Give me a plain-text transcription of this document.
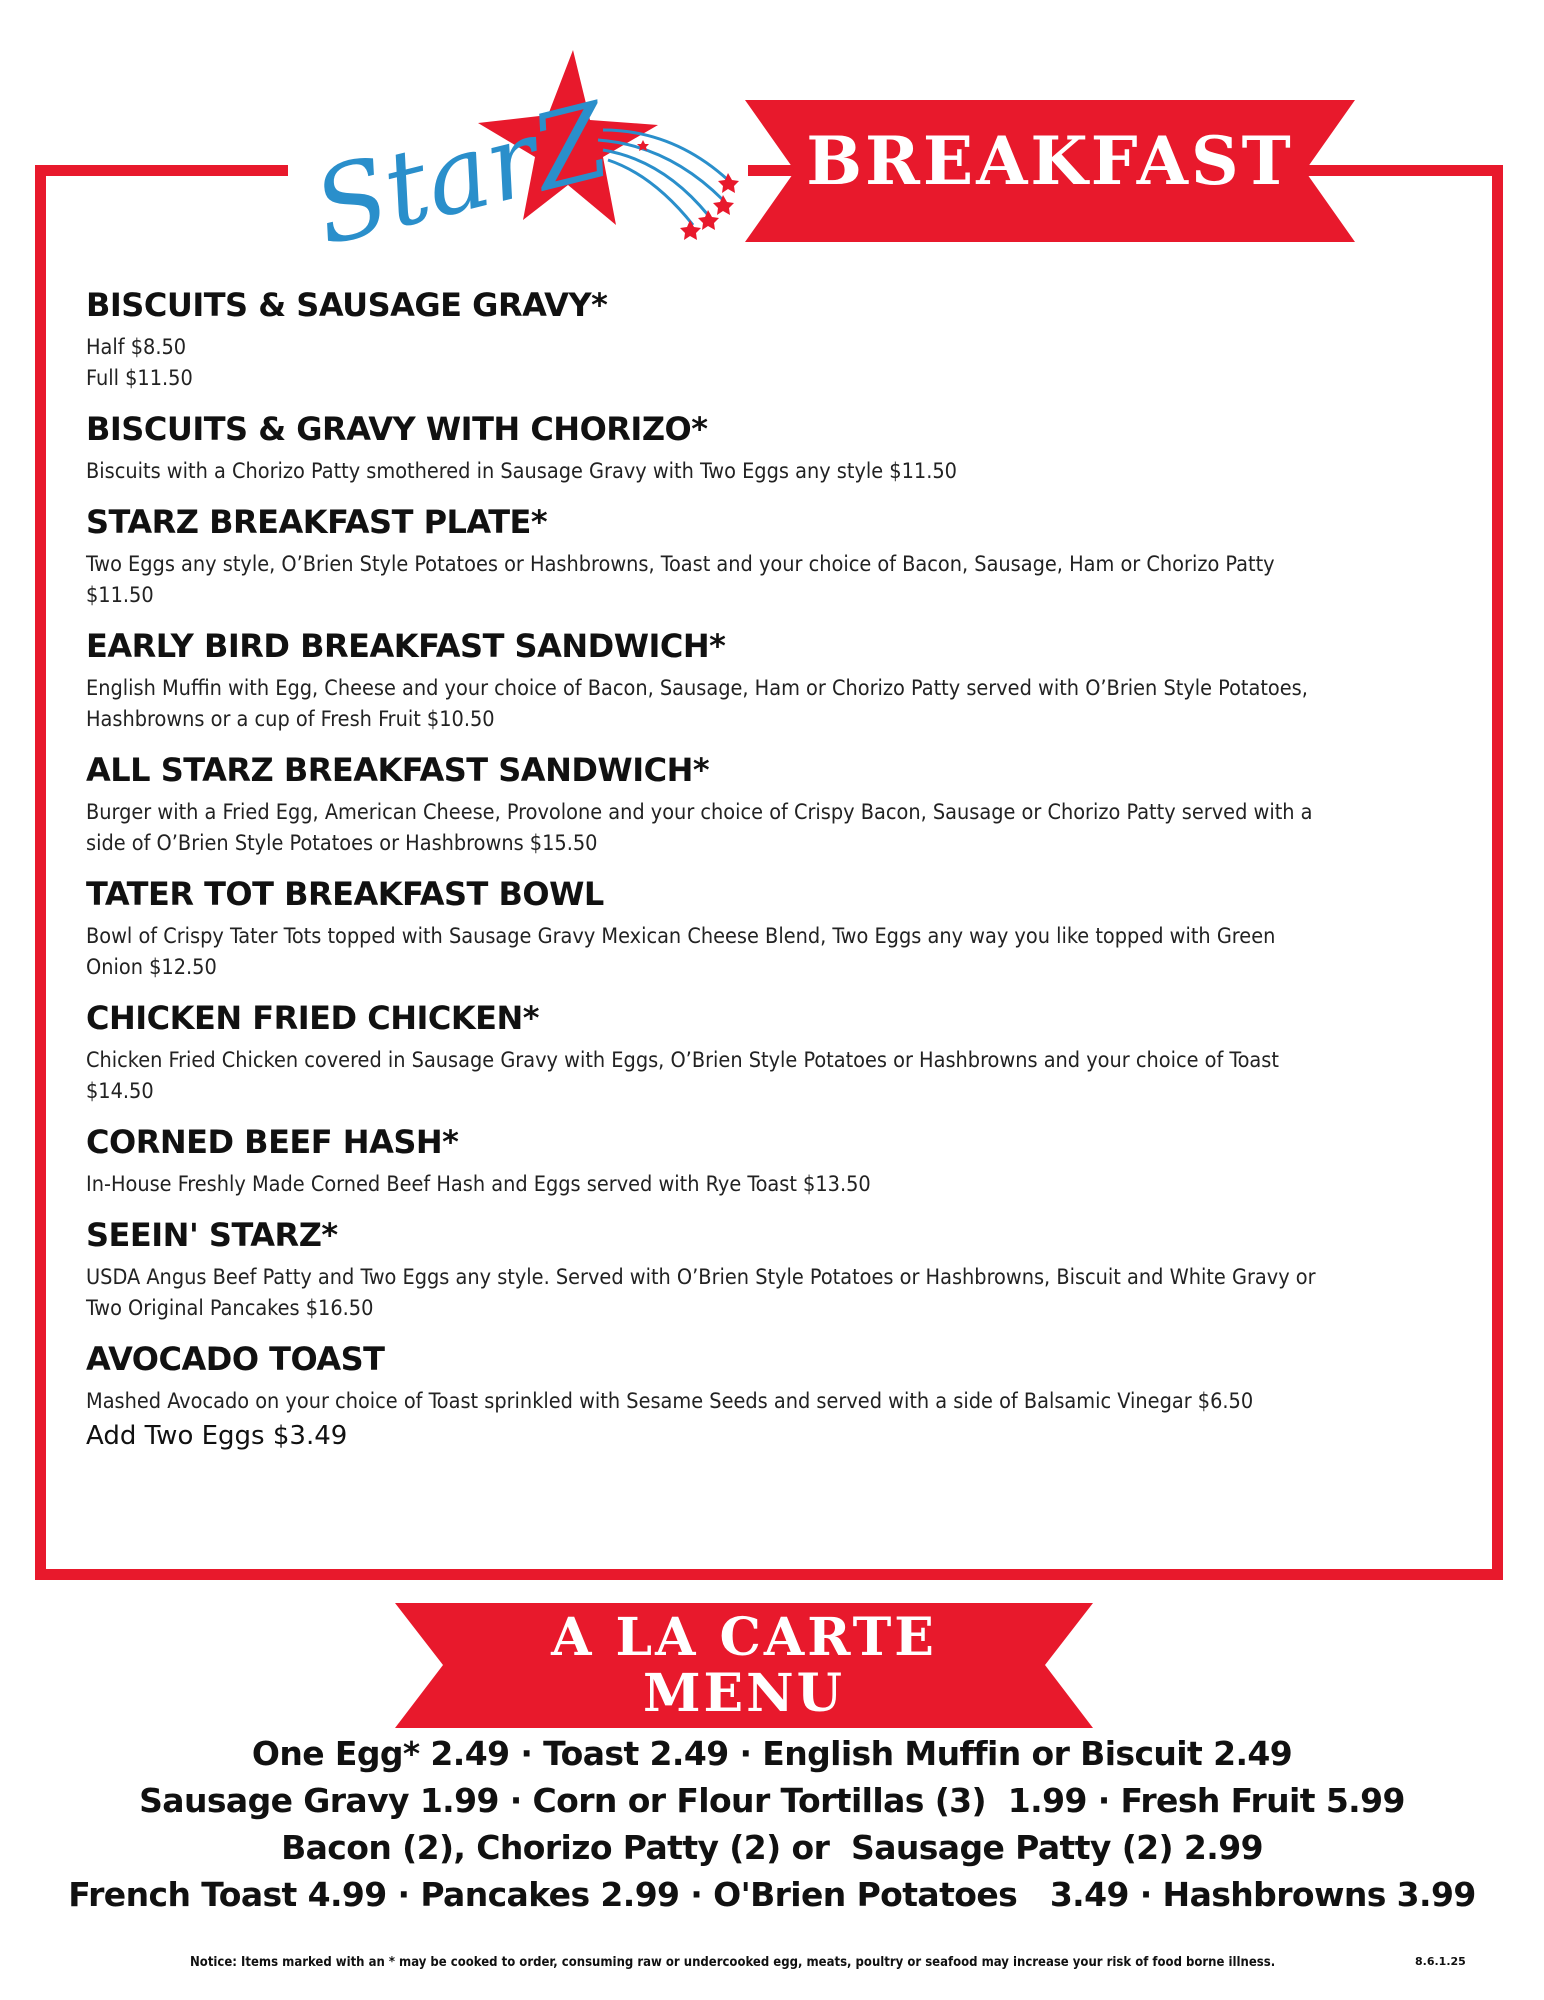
StarZ	BREAKFAST
BISCUITS & SAUSAGE GRAVY*
Half $8.50
Full $11.50
BISCUITS & GRAVY WITH CHORIZO*
Biscuits with a Chorizo Patty smothered in Sausage Gravy with Two Eggs any style $11.50
STARZ BREAKFAST PLATE*
Two Eggs any style, O’Brien Style Potatoes or Hashbrowns, Toast and your choice of Bacon, Sausage, Ham or Chorizo Patty
$11.50
EARLY BIRD BREAKFAST SANDWICH*
English Muffin with Egg, Cheese and your choice of Bacon, Sausage, Ham or Chorizo Patty served with O’Brien Style Potatoes,
Hashbrowns or a cup of Fresh Fruit $10.50
ALL STARZ BREAKFAST SANDWICH*
Burger with a Fried Egg, American Cheese, Provolone and your choice of Crispy Bacon, Sausage or Chorizo Patty served with a
side of O’Brien Style Potatoes or Hashbrowns $15.50
TATER TOT BREAKFAST BOWL
Bowl of Crispy Tater Tots topped with Sausage Gravy Mexican Cheese Blend, Two Eggs any way you like topped with Green
Onion $12.50
CHICKEN FRIED CHICKEN*
Chicken Fried Chicken covered in Sausage Gravy with Eggs, O’Brien Style Potatoes or Hashbrowns and your choice of Toast
$14.50
CORNED BEEF HASH*
In-House Freshly Made Corned Beef Hash and Eggs served with Rye Toast $13.50
SEEIN' STARZ*
USDA Angus Beef Patty and Two Eggs any style. Served with O’Brien Style Potatoes or Hashbrowns, Biscuit and White Gravy or
Two Original Pancakes $16.50
AVOCADO TOAST
Mashed Avocado on your choice of Toast sprinkled with Sesame Seeds and served with a side of Balsamic Vinegar $6.50
Add Two Eggs $3.49
A LA CARTE
MENU
One Egg* 2.49 · Toast 2.49 · English Muffin or Biscuit 2.49
Sausage Gravy 1.99 · Corn or Flour Tortillas (3)  1.99 · Fresh Fruit 5.99
Bacon (2), Chorizo Patty (2) or  Sausage Patty (2) 2.99
French Toast 4.99 · Pancakes 2.99 · O'Brien Potatoes   3.49 · Hashbrowns 3.99
Notice: Items marked with an * may be cooked to order, consuming raw or undercooked egg, meats, poultry or seafood may increase your risk of food borne illness.	8.6.1.25
